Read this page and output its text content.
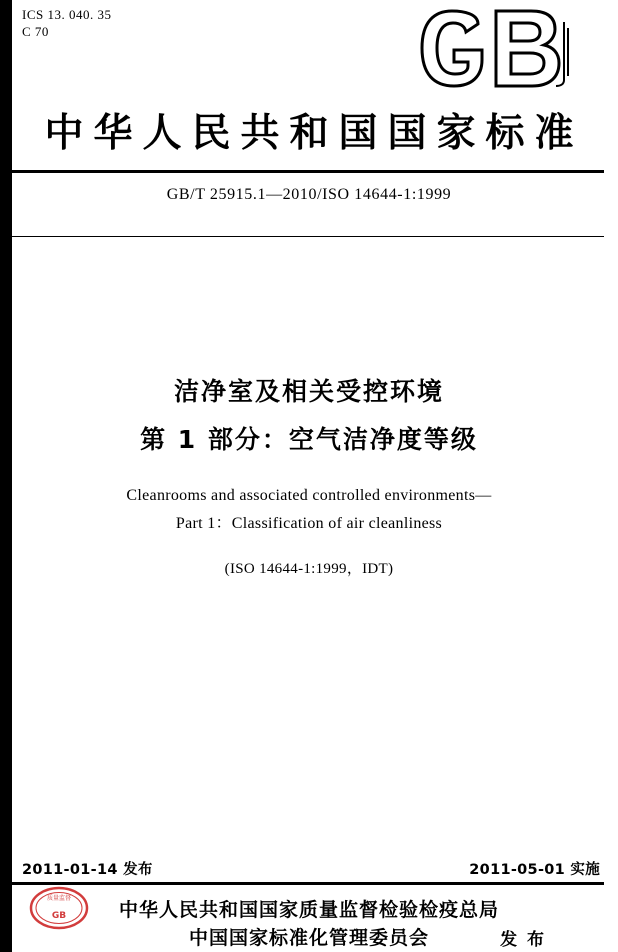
ICS 13. 040. 35
C 70
中华人民共和国国家标准
GB/T 25915.1—2010/ISO 14644-1:1999
洁净室及相关受控环境
第 1 部分：空气洁净度等级
Cleanrooms and associated controlled environments—
Part 1：Classification of air cleanliness
(ISO 14644-1:1999，IDT)
2011-01-14 发布	2011-05-01 实施
质量监督
GB	中华人民共和国国家质量监督检验检疫总局
中国国家标准化管理委员会	发 布
